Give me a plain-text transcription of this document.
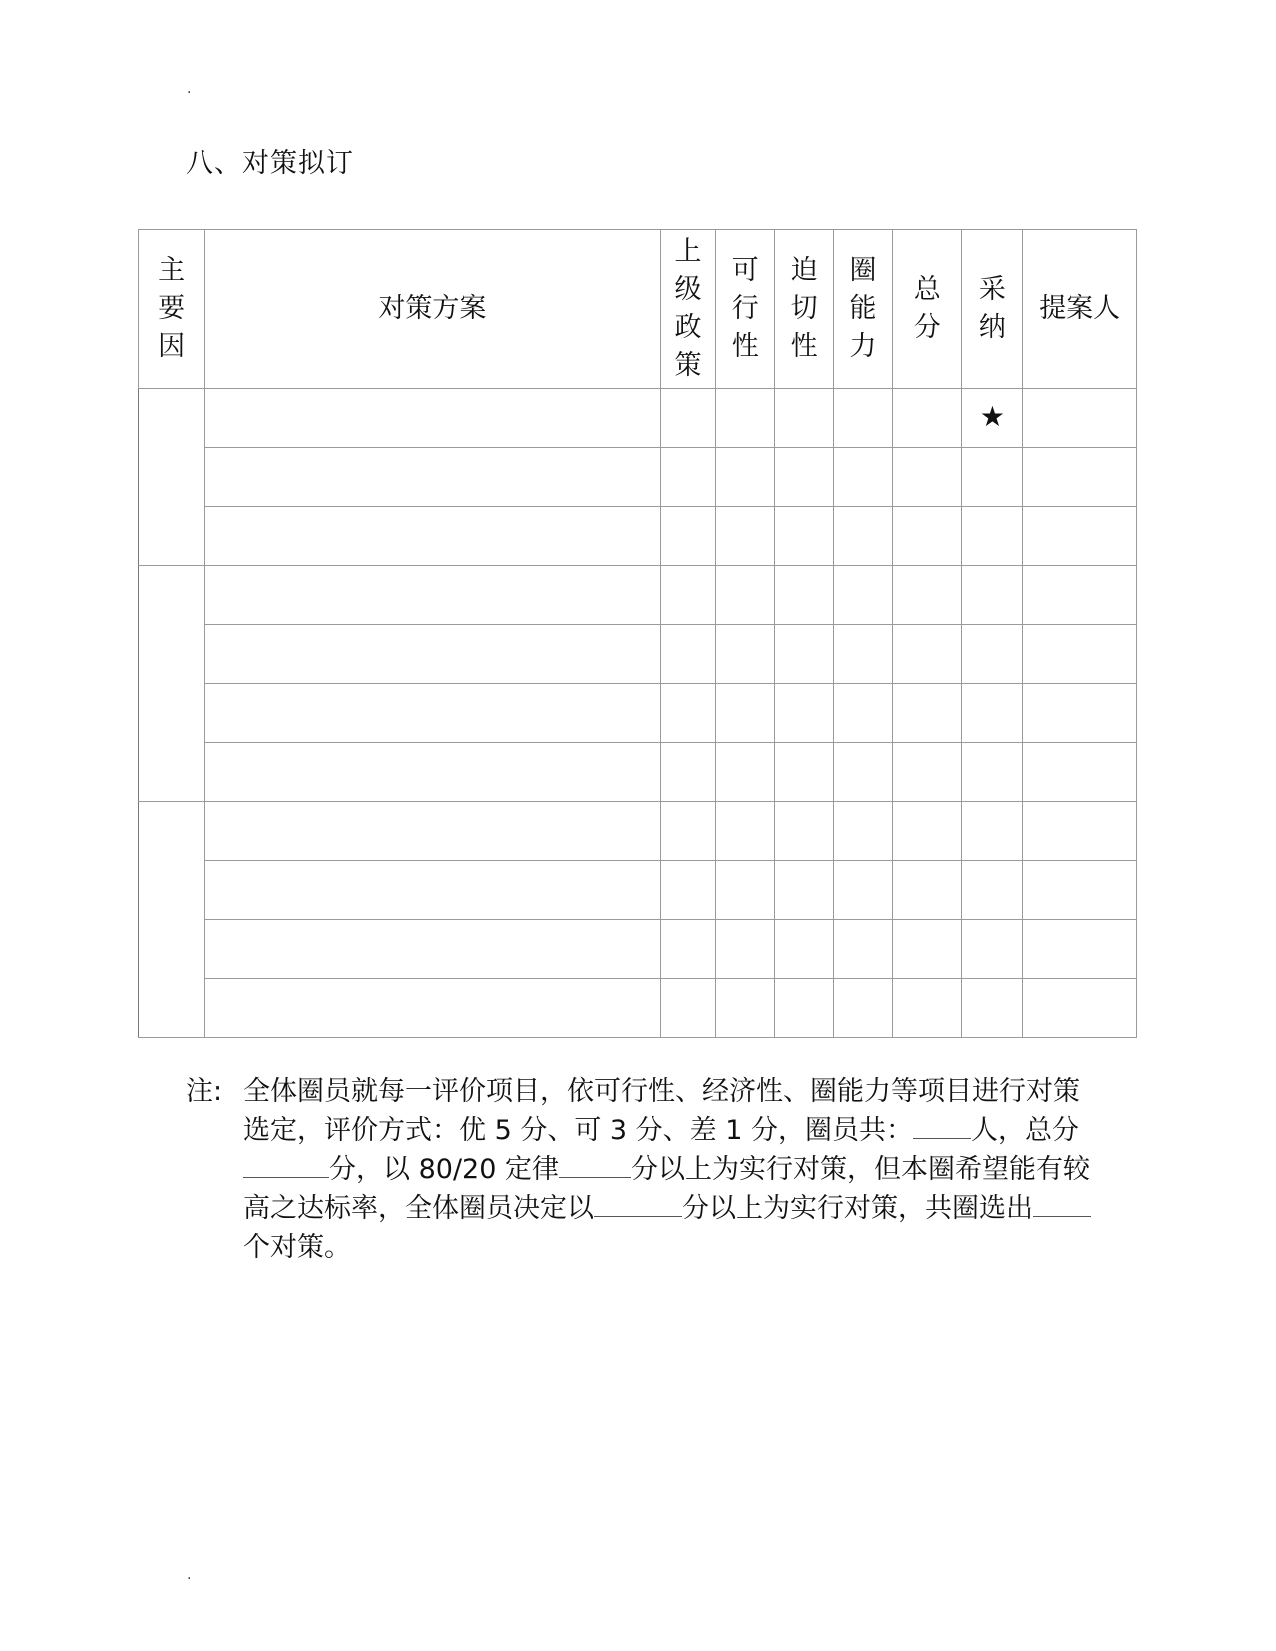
.
八、对策拟订
主要因	对策方案	上级政策	可行性	迫切性	圈能力	总分	采纳	提案人
							★	

注: 全体圈员就每一评价项目，依可行性、经济性、圈能力等项目进行对策选定，评价方式：优 5 分、可 3 分、差 1 分，圈员共： 人，总分分，以 80/20 定律	分以上为实行对策，但本圈希望能有较高之达标率，全体圈员决定以	分以上为实行对策，共圈选出个对策。
.
